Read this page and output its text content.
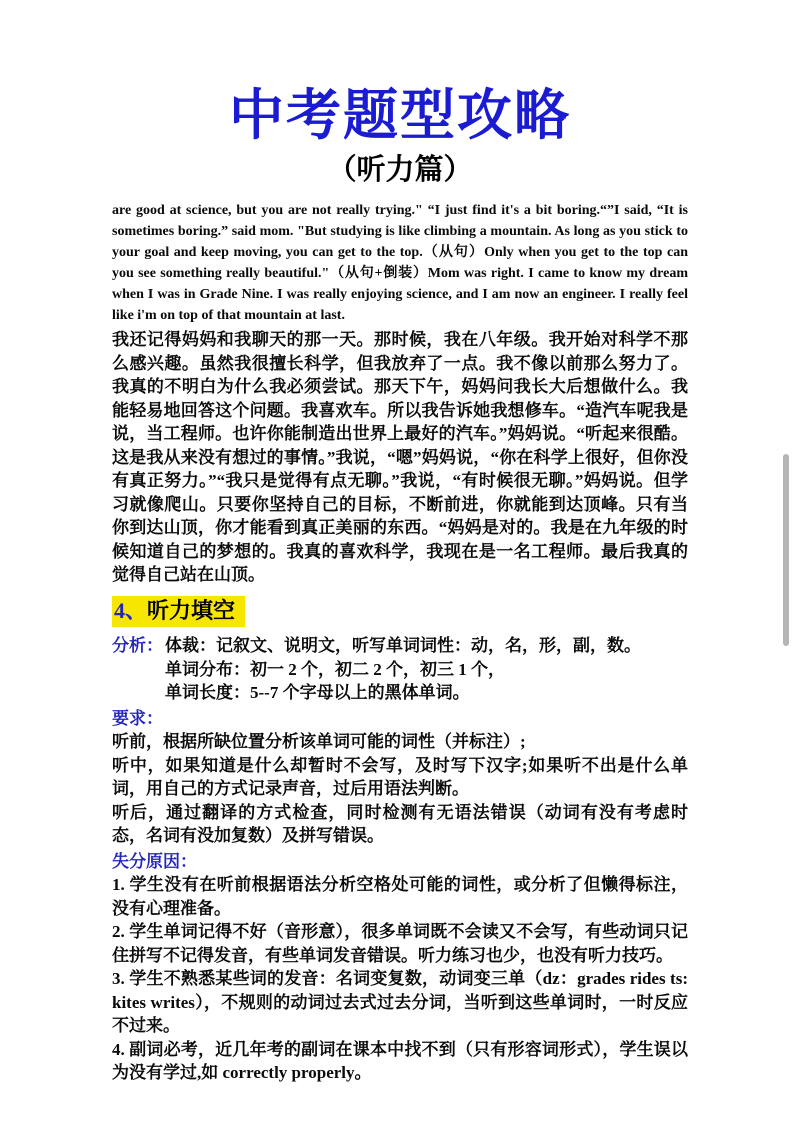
中考题型攻略
（听力篇）

are good at science, but you are not really trying." “I just find it's a bit boring.“”I said, “It is sometimes boring.” said mom. "But studying is like climbing a mountain. As long as you stick to your goal and keep moving, you can get to the top.（从句）Only when you get to the top can you see something really beautiful."（从句+倒装）Mom was right. I came to know my dream when I was in Grade Nine. I was really enjoying science, and I am now an engineer. I really feel like i'm on top of that mountain at last.

我还记得妈妈和我聊天的那一天。那时候，我在八年级。我开始对科学不那么感兴趣。虽然我很擅长科学，但我放弃了一点。我不像以前那么努力了。我真的不明白为什么我必须尝试。那天下午，妈妈问我长大后想做什么。我能轻易地回答这个问题。我喜欢车。所以我告诉她我想修车。“造汽车呢我是说，当工程师。也许你能制造出世界上最好的汽车。”妈妈说。“听起来很酷。这是我从来没有想过的事情。”我说，“嗯”妈妈说，“你在科学上很好，但你没有真正努力。”“我只是觉得有点无聊。”我说，“有时候很无聊。”妈妈说。但学习就像爬山。只要你坚持自己的目标，不断前进，你就能到达顶峰。只有当你到达山顶，你才能看到真正美丽的东西。“妈妈是对的。我是在九年级的时候知道自己的梦想的。我真的喜欢科学，我现在是一名工程师。最后我真的觉得自己站在山顶。

4、听力填空
分析： 体裁：记叙文、说明文，听写单词词性：动，名，形，副，数。
单词分布：初一 2 个，初二 2 个，初三 1 个，
单词长度：5--7 个字母以上的黑体单词。
要求：

听前，根据所缺位置分析该单词可能的词性（并标注）;

听中，如果知道是什么却暂时不会写，及时写下汉字;如果听不出是什么单词，用自己的方式记录声音，过后用语法判断。

听后，通过翻译的方式检查，同时检测有无语法错误（动词有没有考虑时态，名词有没加复数）及拼写错误。

失分原因：

1. 学生没有在听前根据语法分析空格处可能的词性，或分析了但懒得标注，没有心理准备。

2. 学生单词记得不好（音形意），很多单词既不会读又不会写，有些动词只记住拼写不记得发音，有些单词发音错误。听力练习也少，也没有听力技巧。

3. 学生不熟悉某些词的发音：名词变复数，动词变三单（dz：grades rides ts: kites writes），不规则的动词过去式过去分词，当听到这些单词时，一时反应不过来。

4. 副词必考，近几年考的副词在课本中找不到（只有形容词形式），学生误以为没有学过,如 correctly properly。
